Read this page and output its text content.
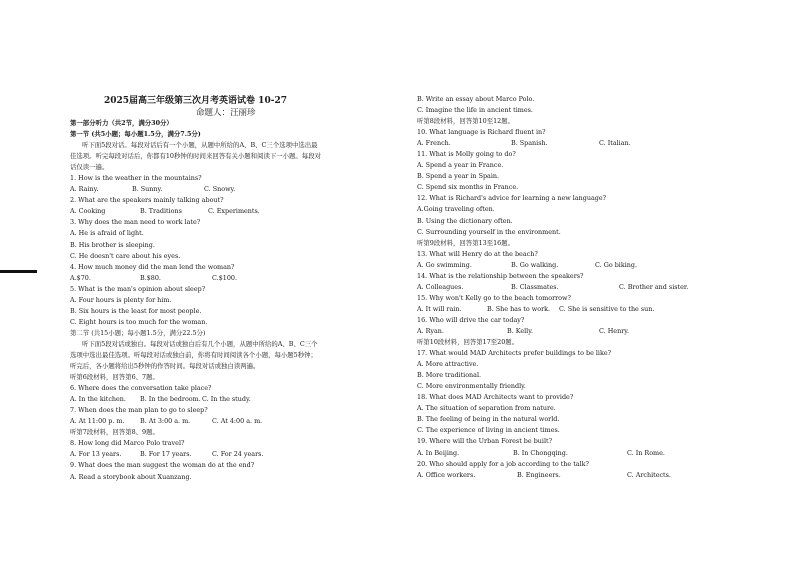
2025届高三年级第三次月考英语试卷 10-27
命题人：汪丽珍
第一部分听力（共2节，满分30分）
第一节 (共5小题；每小题1.5分，满分7.5分)
听下面5段对话。每段对话后有一个小题，从题中所给的A、B、C三个选项中选出最
佳选项。听完每段对话后，你都有10秒钟的时间来回答有关小题和阅读下一小题。每段对
话仅读一遍。
1. How is the weather in the mountains?
A. Rainy.	B. Sunny.	C. Snowy.
2. What are the speakers mainly talking about?
A. Cooking	B. Traditions	C. Experiments.
3. Why does the man need to work late?
A. He is afraid of light.
B. His brother is sleeping.
C. He doesn't care about his eyes.
4. How much money did the man lend the woman?
A.$70.	B.$80.	C.$100.
5. What is the man's opinion about sleep?
A. Four hours is plenty for him.
B. Six hours is the least for most people.
C. Eight hours is too much for the woman.
第二节 (共15小题；每小题1.5分，满分22.5分)
听下面5段对话或独白。每段对话或独白后有几个小题，从题中所给的A、B、C三个
选项中选出最佳选项。听每段对话或独白前，你将有时间阅读各个小题，每小题5秒钟；
听完后，各小题将给出5秒钟的作答时间。每段对话或独白读两遍。
听第6段材料，回答第6、7题。
6. Where does the conversation take place?
A. In the kitchen.	B. In the bedroom. C. In the study.
7. When does the man plan to go to sleep?
A. At 11:00 p. m.	B. At 3:00 a. m.	C. At 4:00 a. m.
听第7段材料，回答第8、9题。
8. How long did Marco Polo travel?
A. For 13 years.	B. For 17 years.	C. For 24 years.
9. What does the man suggest the woman do at the end?
A. Read a storybook about Xuanzang.
B. Write an essay about Marco Polo.
C. Imagine the life in ancient times.
听第8段材料，回答第10至12题。
10. What language is Richard fluent in?
A. French.	B. Spanish.	C. Italian.
11. What is Molly going to do?
A. Spend a year in France.
B. Spend a year in Spain.
C. Spend six months in France.
12. What is Richard's advice for learning a new language?
A.Going traveling often.
B. Using the dictionary often.
C. Surrounding yourself in the environment.
听第9段材料，回答第13至16题。
13. What will Henry do at the beach?
A. Go swimming.	B. Go walking.	C. Go biking.
14. What is the relationship between the speakers?
A. Colleagues.	B. Classmates.	C. Brother and sister.
15. Why won't Kelly go to the beach tomorrow?
A. It will rain.	B. She has to work.	C. She is sensitive to the sun.
16. Who will drive the car today?
A. Ryan.	B. Kelly.	C. Henry.
听第10段材料，回答第17至20题。
17. What would MAD Architects prefer buildings to be like?
A. More attractive.
B. More traditional.
C. More environmentally friendly.
18. What does MAD Architects want to provide?
A. The situation of separation from nature.
B. The feeling of being in the natural world.
C. The experience of living in ancient times.
19. Where will the Urban Forest be built?
A. In Beijing.	B. In Chongqing.	C. In Rome.
20. Who should apply for a job according to the talk?
A. Office workers.	B. Engineers.	C. Architects.
